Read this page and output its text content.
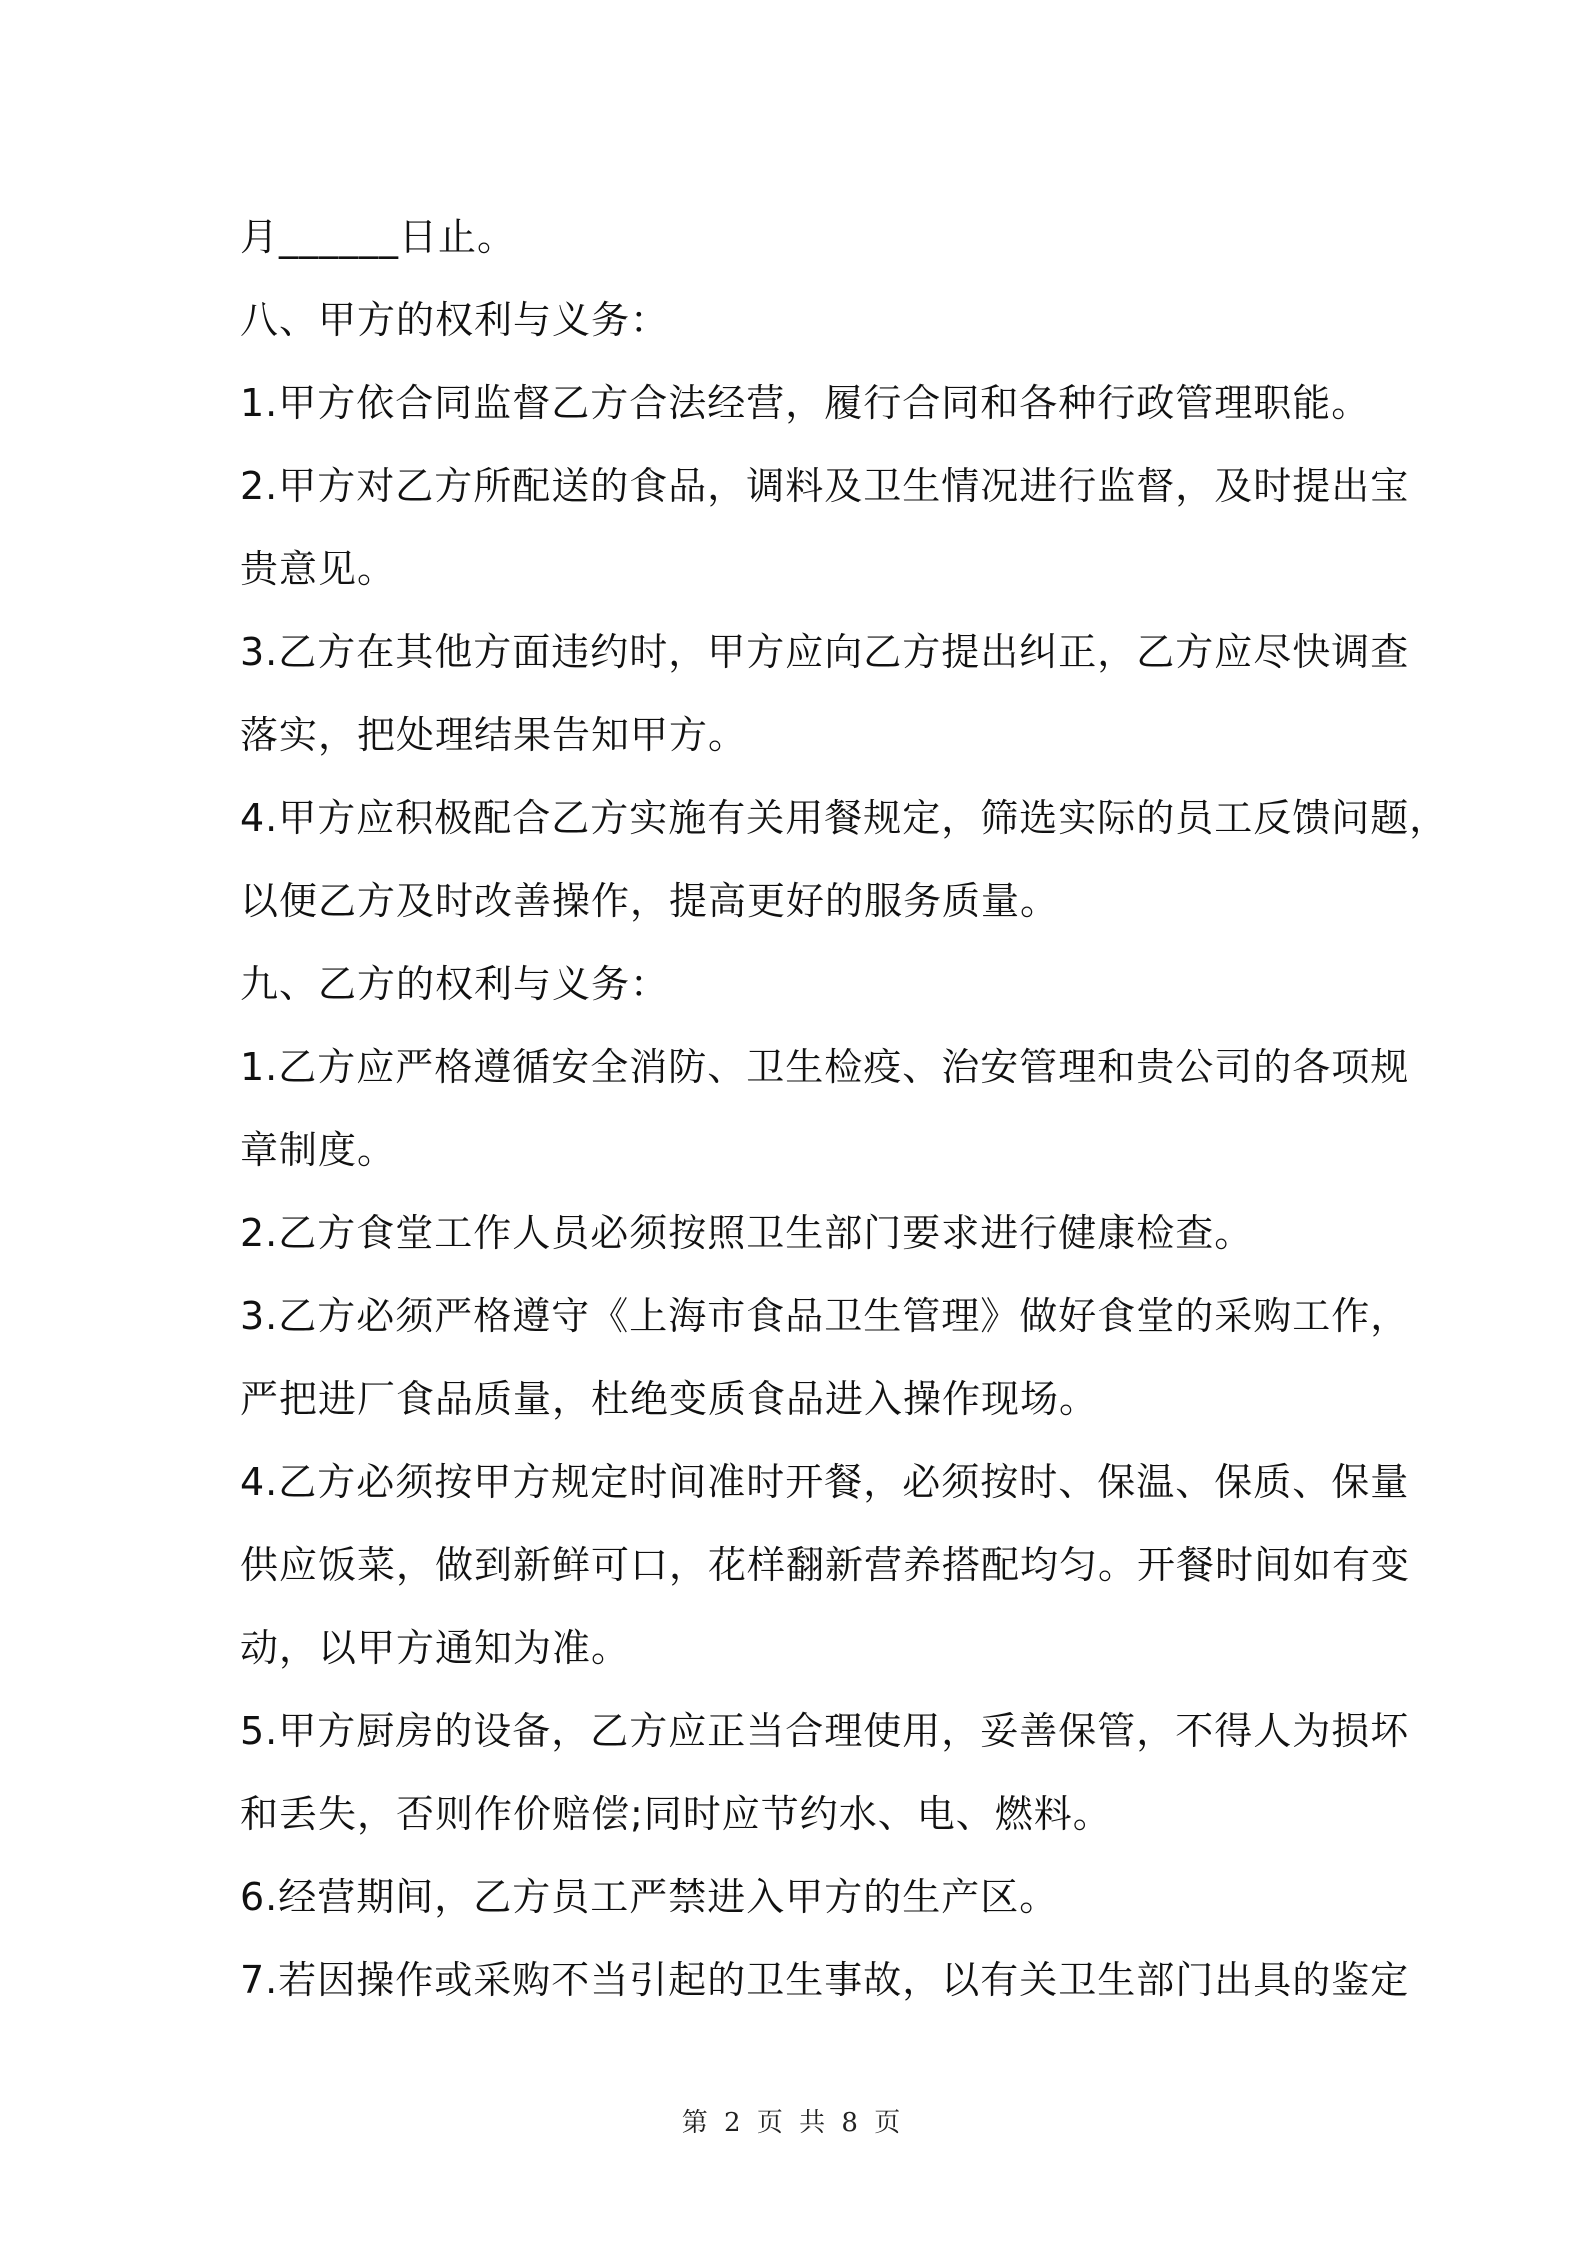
月______日止。
八、甲方的权利与义务：
1.甲方依合同监督乙方合法经营，履行合同和各种行政管理职能。
2.甲方对乙方所配送的食品，调料及卫生情况进行监督，及时提出宝
贵意见。
3.乙方在其他方面违约时，甲方应向乙方提出纠正，乙方应尽快调查
落实，把处理结果告知甲方。
4.甲方应积极配合乙方实施有关用餐规定，筛选实际的员工反馈问题，
以便乙方及时改善操作，提高更好的服务质量。
九、乙方的权利与义务：
1.乙方应严格遵循安全消防、卫生检疫、治安管理和贵公司的各项规
章制度。
2.乙方食堂工作人员必须按照卫生部门要求进行健康检查。
3.乙方必须严格遵守《上海市食品卫生管理》做好食堂的采购工作，
严把进厂食品质量，杜绝变质食品进入操作现场。
4.乙方必须按甲方规定时间准时开餐，必须按时、保温、保质、保量
供应饭菜，做到新鲜可口，花样翻新营养搭配均匀。开餐时间如有变
动，以甲方通知为准。
5.甲方厨房的设备，乙方应正当合理使用，妥善保管，不得人为损坏
和丢失，否则作价赔偿;同时应节约水、电、燃料。
6.经营期间，乙方员工严禁进入甲方的生产区。
7.若因操作或采购不当引起的卫生事故，以有关卫生部门出具的鉴定
第 2 页 共 8 页
